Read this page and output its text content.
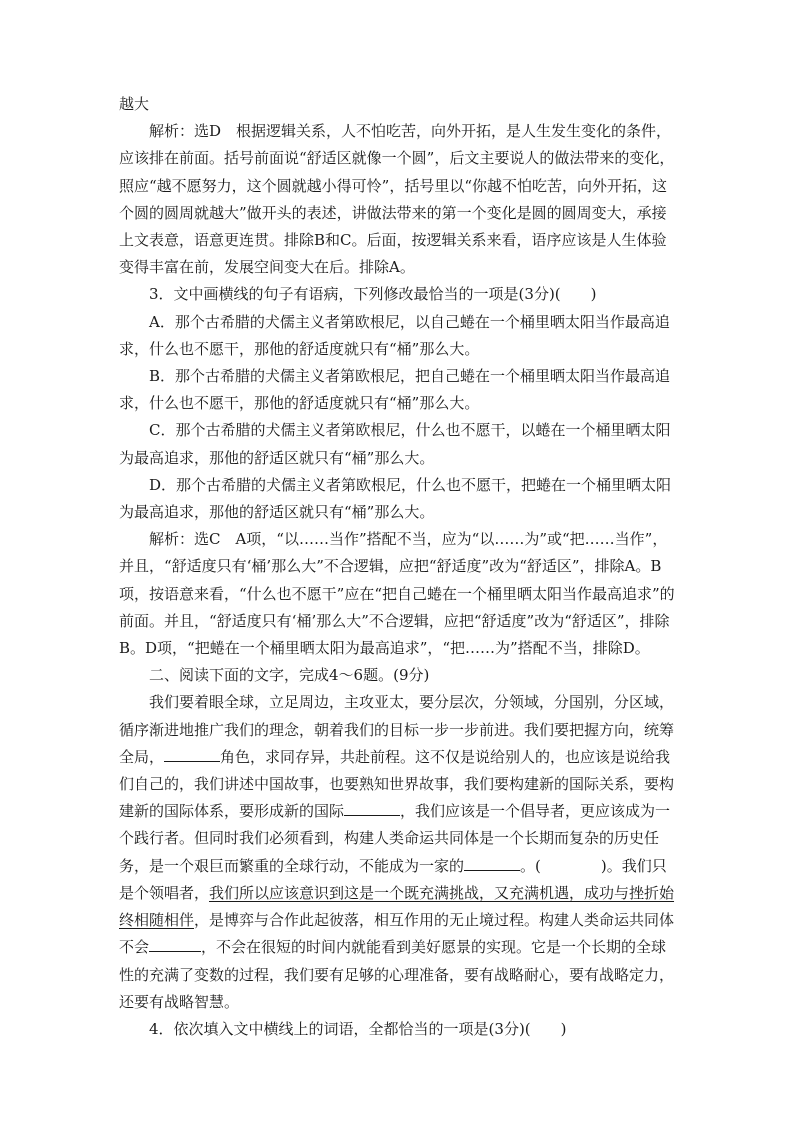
越大

解析：选D　根据逻辑关系，人不怕吃苦，向外开拓，是人生发生变化的条件，应该排在前面。括号前面说“舒适区就像一个圆”，后文主要说人的做法带来的变化，照应“越不愿努力，这个圆就越小得可怜”，括号里以“你越不怕吃苦，向外开拓，这个圆的圆周就越大”做开头的表述，讲做法带来的第一个变化是圆的圆周变大，承接上文表意，语意更连贯。排除B和C。后面，按逻辑关系来看，语序应该是人生体验变得丰富在前，发展空间变大在后。排除A。

3．文中画横线的句子有语病，下列修改最恰当的一项是(3分)(　　)

A．那个古希腊的犬儒主义者第欧根尼，以自己蜷在一个桶里晒太阳当作最高追求，什么也不愿干，那他的舒适度就只有“桶”那么大。

B．那个古希腊的犬儒主义者第欧根尼，把自己蜷在一个桶里晒太阳当作最高追求，什么也不愿干，那他的舒适度就只有“桶”那么大。

C．那个古希腊的犬儒主义者第欧根尼，什么也不愿干，以蜷在一个桶里晒太阳为最高追求，那他的舒适区就只有“桶”那么大。

D．那个古希腊的犬儒主义者第欧根尼，什么也不愿干，把蜷在一个桶里晒太阳为最高追求，那他的舒适区就只有“桶”那么大。

解析：选C　A项，“以……当作”搭配不当，应为“以……为”或“把……当作”，并且，“舒适度只有‘桶’那么大”不合逻辑，应把“舒适度”改为“舒适区”，排除A。B项，按语意来看，“什么也不愿干”应在“把自己蜷在一个桶里晒太阳当作最高追求”的前面。并且，“舒适度只有‘桶’那么大”不合逻辑，应把“舒适度”改为“舒适区”，排除B。D项，“把蜷在一个桶里晒太阳为最高追求”，“把……为”搭配不当，排除D。

二、阅读下面的文字，完成4～6题。(9分)

我们要着眼全球，立足周边，主攻亚太，要分层次，分领域，分国别，分区域，循序渐进地推广我们的理念，朝着我们的目标一步一步前进。我们要把握方向，统筹全局，	角色，求同存异，共赴前程。这不仅是说给别人的，也应该是说给我们自己的，我们讲述中国故事，也要熟知世界故事，我们要构建新的国际关系，要构建新的国际体系，要形成新的国际	，我们应该是一个倡导者，更应该成为一个践行者。但同时我们必须看到，构建人类命运共同体是一个长期而复杂的历史任务，是一个艰巨而繁重的全球行动，不能成为一家的	。(　　　　)。我们只是个领唱者，我们所以应该意识到这是一个既充满挑战，又充满机遇，成功与挫折始终相随相伴，是博弈与合作此起彼落，相互作用的无止境过程。构建人类命运共同体不会	，不会在很短的时间内就能看到美好愿景的实现。它是一个长期的全球性的充满了变数的过程，我们要有足够的心理准备，要有战略耐心，要有战略定力，还要有战略智慧。

4．依次填入文中横线上的词语，全都恰当的一项是(3分)(　　)
